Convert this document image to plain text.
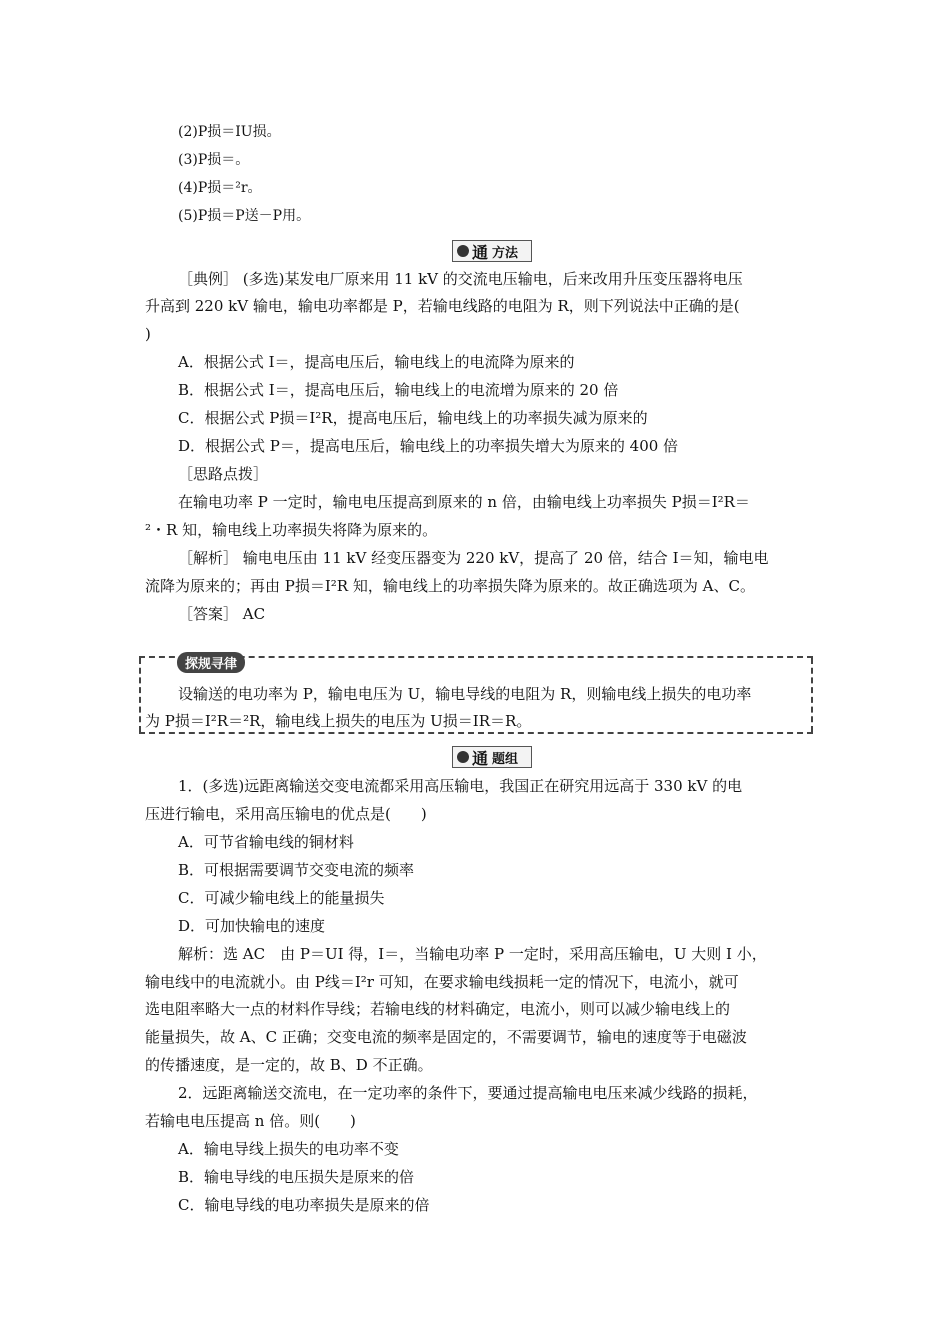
(2)P损＝IU损。
(3)P损＝。
(4)P损＝²r。
(5)P损＝P送－P用。
通 方法
［典例］ (多选)某发电厂原来用 11 kV 的交流电压输电，后来改用升压变压器将电压
升高到 220 kV 输电，输电功率都是 P，若输电线路的电阻为 R，则下列说法中正确的是(
)
A．根据公式 I＝，提高电压后，输电线上的电流降为原来的
B．根据公式 I＝，提高电压后，输电线上的电流增为原来的 20 倍
C．根据公式 P损＝I²R，提高电压后，输电线上的功率损失减为原来的
D．根据公式 P＝，提高电压后，输电线上的功率损失增大为原来的 400 倍
［思路点拨］
在输电功率 P 一定时，输电电压提高到原来的 n 倍，由输电线上功率损失 P损＝I²R＝
²・R 知，输电线上功率损失将降为原来的。
［解析］ 输电电压由 11 kV 经变压器变为 220 kV，提高了 20 倍，结合 I＝知，输电电
流降为原来的；再由 P损＝I²R 知，输电线上的功率损失降为原来的。故正确选项为 A、C。
［答案］ AC
探规寻律
设输送的电功率为 P，输电电压为 U，输电导线的电阻为 R，则输电线上损失的电功率
为 P损＝I²R＝²R，输电线上损失的电压为 U损＝IR＝R。
通 题组
1．(多选)远距离输送交变电流都采用高压输电，我国正在研究用远高于 330 kV 的电
压进行输电，采用高压输电的优点是(　　)
A．可节省输电线的铜材料
B．可根据需要调节交变电流的频率
C．可减少输电线上的能量损失
D．可加快输电的速度
解析：选 AC　由 P＝UI 得，I＝，当输电功率 P 一定时，采用高压输电，U 大则 I 小，
输电线中的电流就小。由 P线＝I²r 可知，在要求输电线损耗一定的情况下，电流小，就可
选电阻率略大一点的材料作导线；若输电线的材料确定，电流小，则可以减少输电线上的
能量损失，故 A、C 正确；交变电流的频率是固定的，不需要调节，输电的速度等于电磁波
的传播速度，是一定的，故 B、D 不正确。
2．远距离输送交流电，在一定功率的条件下，要通过提高输电电压来减少线路的损耗，
若输电电压提高 n 倍。则(　　)
A．输电导线上损失的电功率不变
B．输电导线的电压损失是原来的倍
C．输电导线的电功率损失是原来的倍
